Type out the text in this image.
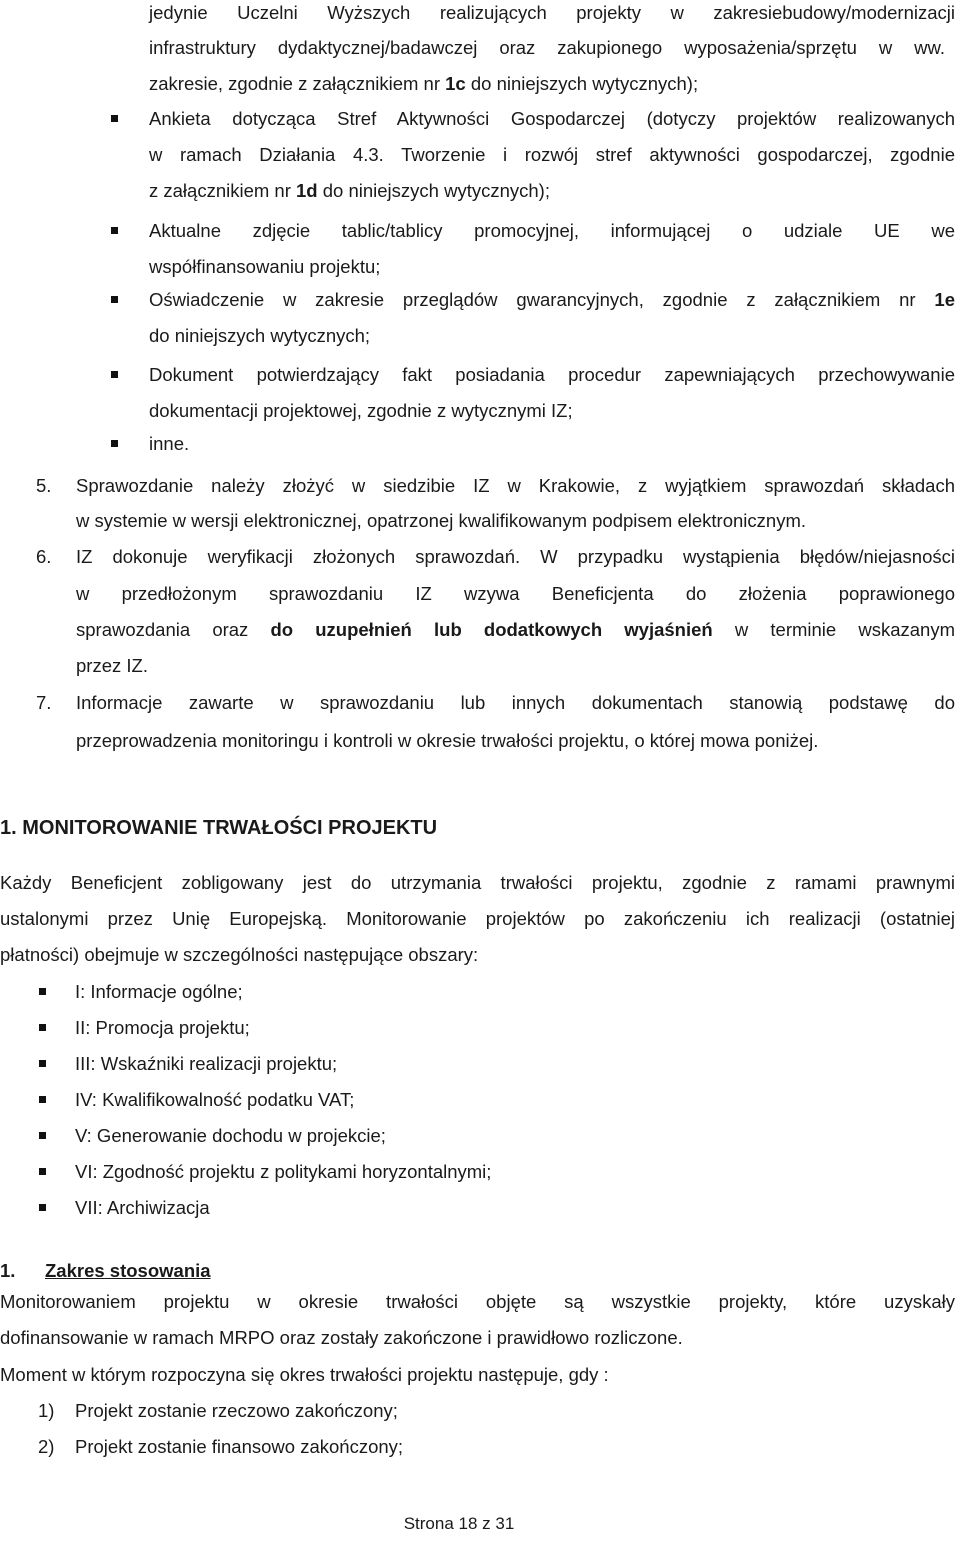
jedynie Uczelni Wyższych realizujących projekty w zakresiebudowy/modernizacji
infrastruktury dydaktycznej/badawczej oraz zakupionego wyposażenia/sprzętu w ww.
zakresie, zgodnie z załącznikiem nr 1c do niniejszych wytycznych);
Ankieta dotycząca Stref Aktywności Gospodarczej (dotyczy projektów realizowanych
w ramach Działania 4.3. Tworzenie i rozwój stref aktywności gospodarczej, zgodnie
z załącznikiem nr 1d do niniejszych wytycznych);
Aktualne zdjęcie tablic/tablicy promocyjnej, informującej o udziale UE we
współfinansowaniu projektu;
Oświadczenie w zakresie przeglądów gwarancyjnych, zgodnie z załącznikiem nr 1e
do niniejszych wytycznych;
Dokument potwierdzający fakt posiadania procedur zapewniających przechowywanie
dokumentacji projektowej, zgodnie z wytycznymi IZ;
inne.
5. Sprawozdanie należy złożyć w siedzibie IZ w Krakowie, z wyjątkiem sprawozdań składach
w systemie w wersji elektronicznej, opatrzonej kwalifikowanym podpisem elektronicznym.
6. IZ dokonuje weryfikacji złożonych sprawozdań. W przypadku wystąpienia błędów/niejasności
w przedłożonym sprawozdaniu IZ wzywa Beneficjenta do złożenia poprawionego
sprawozdania oraz do uzupełnień lub dodatkowych wyjaśnień w terminie wskazanym
przez IZ.
7. Informacje zawarte w sprawozdaniu lub innych dokumentach stanowią podstawę do
przeprowadzenia monitoringu i kontroli w okresie trwałości projektu, o której mowa poniżej.
1. MONITOROWANIE TRWAŁOŚCI PROJEKTU
Każdy Beneficjent zobligowany jest do utrzymania trwałości projektu, zgodnie z ramami prawnymi
ustalonymi przez Unię Europejską. Monitorowanie projektów po zakończeniu ich realizacji (ostatniej
płatności) obejmuje w szczególności następujące obszary:
I: Informacje ogólne;
II: Promocja projektu;
III: Wskaźniki realizacji projektu;
IV: Kwalifikowalność podatku VAT;
V: Generowanie dochodu w projekcie;
VI: Zgodność projektu z politykami horyzontalnymi;
VII: Archiwizacja
1. Zakres stosowania
Monitorowaniem projektu w okresie trwałości objęte są wszystkie projekty, które uzyskały
dofinansowanie w ramach MRPO oraz zostały zakończone i prawidłowo rozliczone.
Moment w którym rozpoczyna się okres trwałości projektu następuje, gdy :
1) Projekt zostanie rzeczowo zakończony;
2) Projekt zostanie finansowo zakończony;
Strona 18 z 31
